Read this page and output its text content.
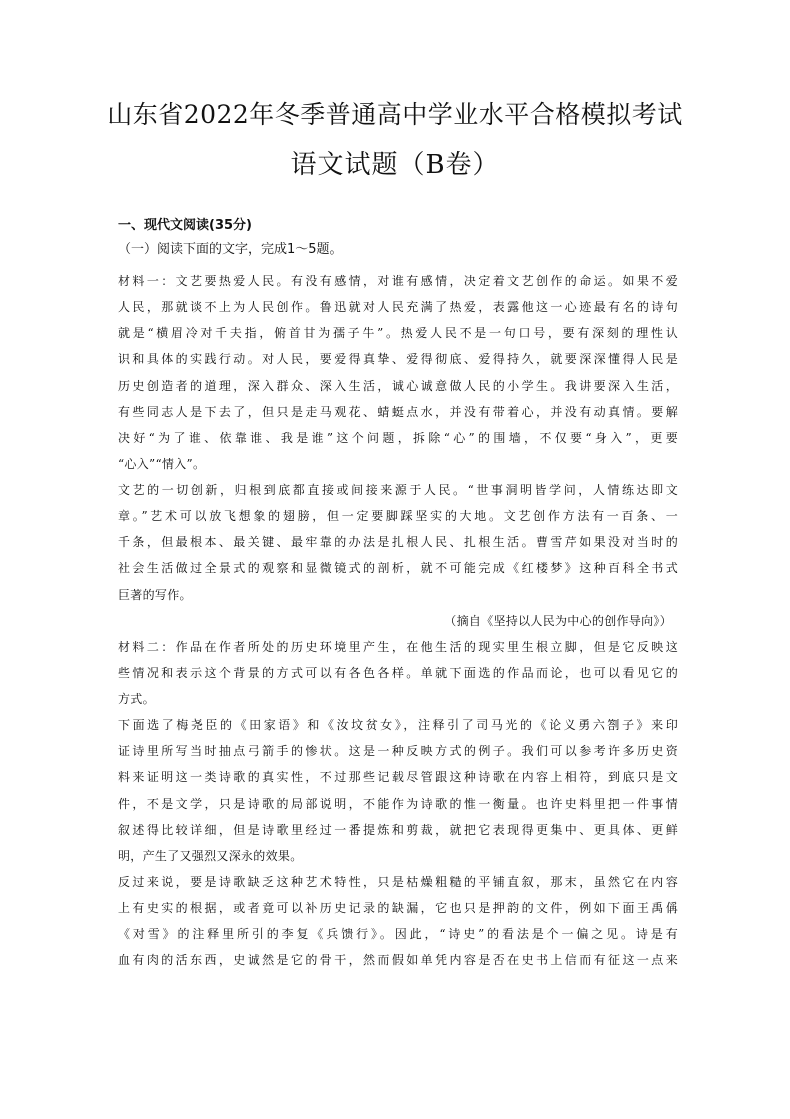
山东省2022年冬季普通高中学业水平合格模拟考试
语文试题（B卷）
一、现代文阅读(35分)
（一）阅读下面的文字，完成1～5题。
材料一：文艺要热爱人民。有没有感情，对谁有感情，决定着文艺创作的命运。如果不爱
人民，那就谈不上为人民创作。鲁迅就对人民充满了热爱，表露他这一心迹最有名的诗句
就是“横眉冷对千夫指，俯首甘为孺子牛”。热爱人民不是一句口号，要有深刻的理性认
识和具体的实践行动。对人民，要爱得真挚、爱得彻底、爱得持久，就要深深懂得人民是
历史创造者的道理，深入群众、深入生活，诚心诚意做人民的小学生。我讲要深入生活，
有些同志人是下去了，但只是走马观花、蜻蜓点水，并没有带着心，并没有动真情。要解
决好“为了谁、依靠谁、我是谁”这个问题，拆除“心”的围墙，不仅要“身入”，更要
“心入”“情入”。
文艺的一切创新，归根到底都直接或间接来源于人民。“世事洞明皆学问，人情练达即文
章。”艺术可以放飞想象的翅膀，但一定要脚踩坚实的大地。文艺创作方法有一百条、一
千条，但最根本、最关键、最牢靠的办法是扎根人民、扎根生活。曹雪芹如果没对当时的
社会生活做过全景式的观察和显微镜式的剖析，就不可能完成《红楼梦》这种百科全书式
巨著的写作。
（摘自《坚持以人民为中心的创作导向》）
材料二：作品在作者所处的历史环境里产生，在他生活的现实里生根立脚，但是它反映这
些情况和表示这个背景的方式可以有各色各样。单就下面选的作品而论，也可以看见它的
方式。
下面选了梅尧臣的《田家语》和《汝坟贫女》，注释引了司马光的《论义勇六劄子》来印
证诗里所写当时抽点弓箭手的惨状。这是一种反映方式的例子。我们可以参考许多历史资
料来证明这一类诗歌的真实性，不过那些记载尽管跟这种诗歌在内容上相符，到底只是文
件，不是文学，只是诗歌的局部说明，不能作为诗歌的惟一衡量。也许史料里把一件事情
叙述得比较详细，但是诗歌里经过一番提炼和剪裁，就把它表现得更集中、更具体、更鲜
明，产生了又强烈又深永的效果。
反过来说，要是诗歌缺乏这种艺术特性，只是枯燥粗糙的平铺直叙，那末，虽然它在内容
上有史实的根据，或者竟可以补历史记录的缺漏，它也只是押韵的文件，例如下面王禹偁
《对雪》的注释里所引的李复《兵馈行》。因此，“诗史”的看法是个一偏之见。诗是有
血有肉的活东西，史诚然是它的骨干，然而假如单凭内容是否在史书上信而有征这一点来
